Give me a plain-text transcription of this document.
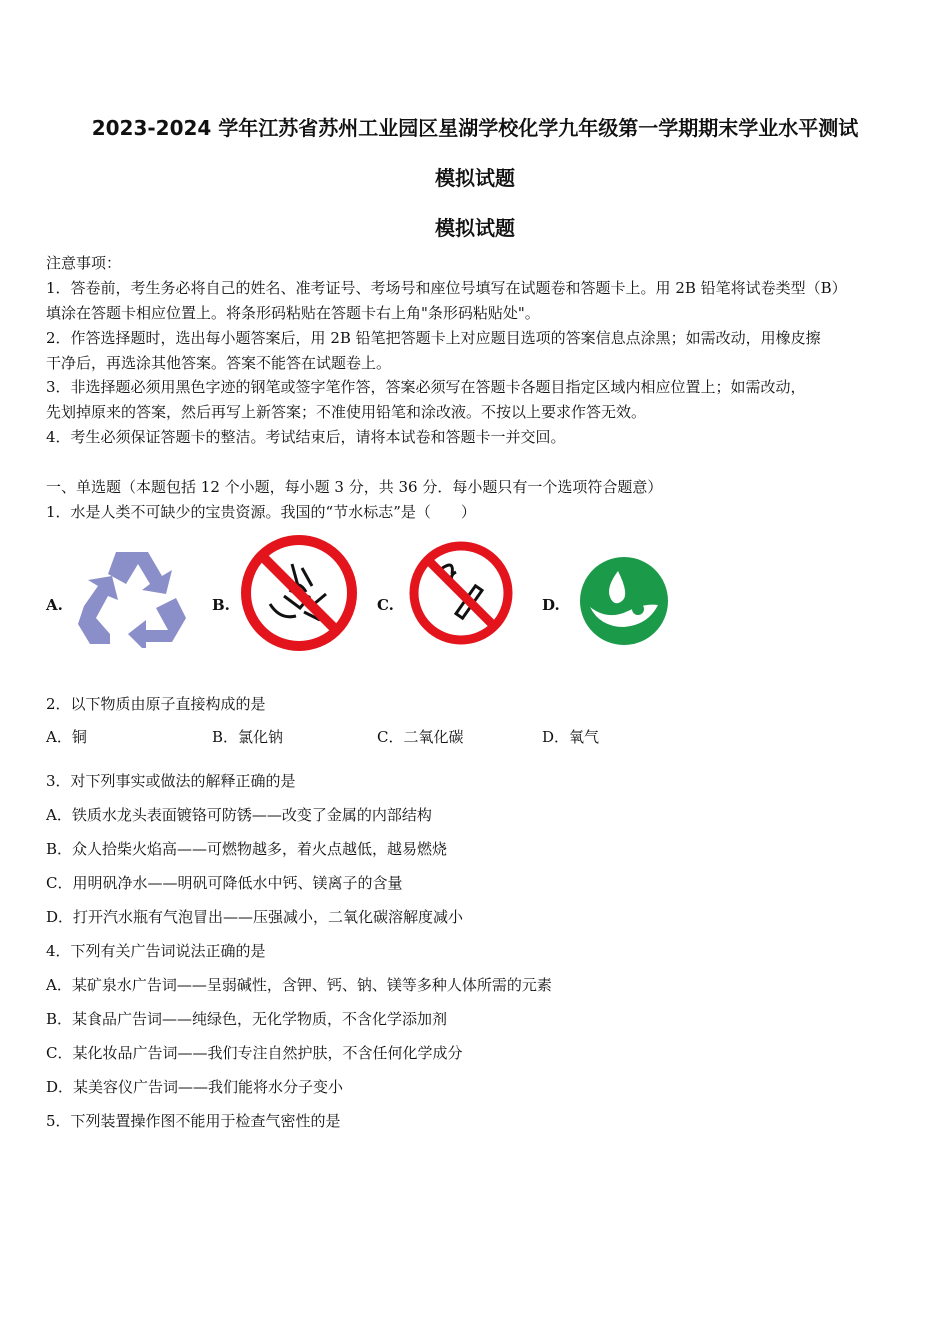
2023-2024 学年江苏省苏州工业园区星湖学校化学九年级第一学期期末学业水平测试
模拟试题
模拟试题
注意事项：
1．答卷前，考生务必将自己的姓名、准考证号、考场号和座位号填写在试题卷和答题卡上。用 2B 铅笔将试卷类型（B）
填涂在答题卡相应位置上。将条形码粘贴在答题卡右上角"条形码粘贴处"。
2．作答选择题时，选出每小题答案后，用 2B 铅笔把答题卡上对应题目选项的答案信息点涂黑；如需改动，用橡皮擦
干净后，再选涂其他答案。答案不能答在试题卷上。
3．非选择题必须用黑色字迹的钢笔或签字笔作答，答案必须写在答题卡各题目指定区域内相应位置上；如需改动，
先划掉原来的答案，然后再写上新答案；不准使用铅笔和涂改液。不按以上要求作答无效。
4．考生必须保证答题卡的整洁。考试结束后，请将本试卷和答题卡一并交回。
一、单选题（本题包括 12 个小题，每小题 3 分，共 36 分．每小题只有一个选项符合题意）
1．水是人类不可缺少的宝贵资源。我国的“节水标志”是（　　）
A.	B.	C.	D.
2．以下物质由原子直接构成的是
A．铜	B．氯化钠	C．二氧化碳	D．氧气
3．对下列事实或做法的解释正确的是
A．铁质水龙头表面镀铬可防锈——改变了金属的内部结构
B．众人拾柴火焰高——可燃物越多，着火点越低，越易燃烧
C．用明矾净水——明矾可降低水中钙、镁离子的含量
D．打开汽水瓶有气泡冒出——压强减小，二氧化碳溶解度减小
4．下列有关广告词说法正确的是
A．某矿泉水广告词——呈弱碱性，含钾、钙、钠、镁等多种人体所需的元素
B．某食品广告词——纯绿色，无化学物质，不含化学添加剂
C．某化妆品广告词——我们专注自然护肤，不含任何化学成分
D．某美容仪广告词——我们能将水分子变小
5．下列装置操作图不能用于检查气密性的是
